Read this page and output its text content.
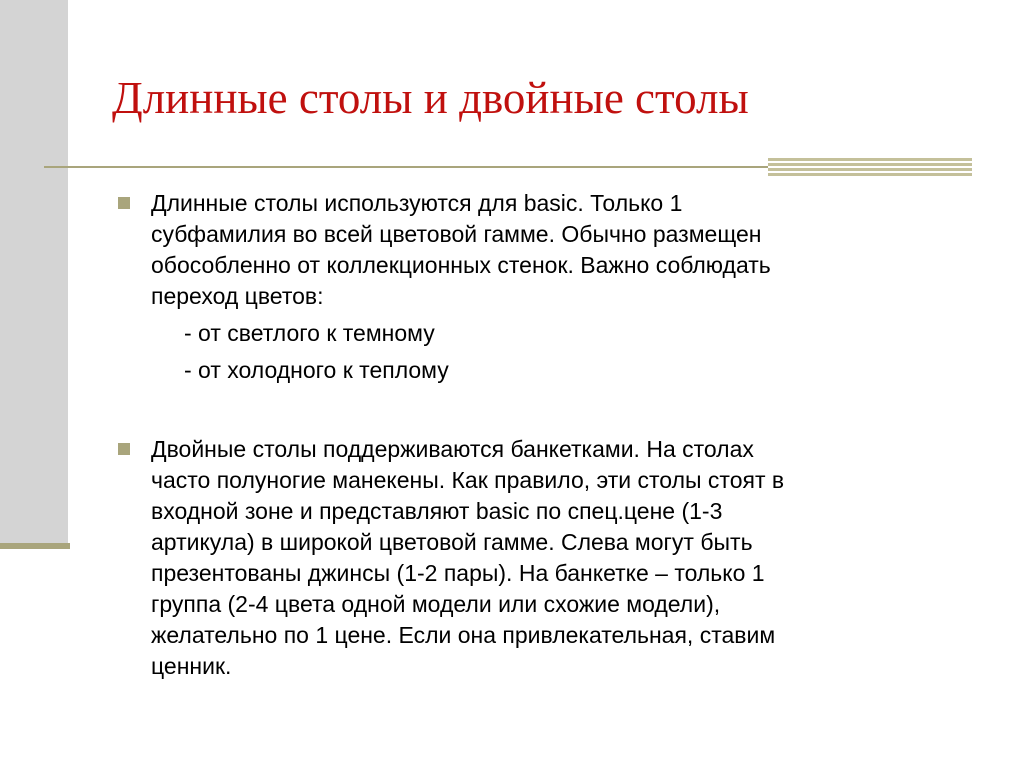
Длинные столы и двойные столы
Длинные столы используются для basic. Только 1
субфамилия во всей цветовой гамме. Обычно размещен
обособленно от коллекционных стенок. Важно соблюдать
переход цветов:
- от светлого к темному
- от холодного к теплому
Двойные столы поддерживаются банкетками. На столах
часто полуногие манекены. Как правило, эти столы стоят в
входной зоне и представляют basic по спец.цене (1-3
артикула) в широкой цветовой гамме. Слева могут быть
презентованы джинсы (1-2 пары). На банкетке – только 1
группа (2-4 цвета одной модели или схожие модели),
желательно по 1 цене. Если она привлекательная, ставим
ценник.
